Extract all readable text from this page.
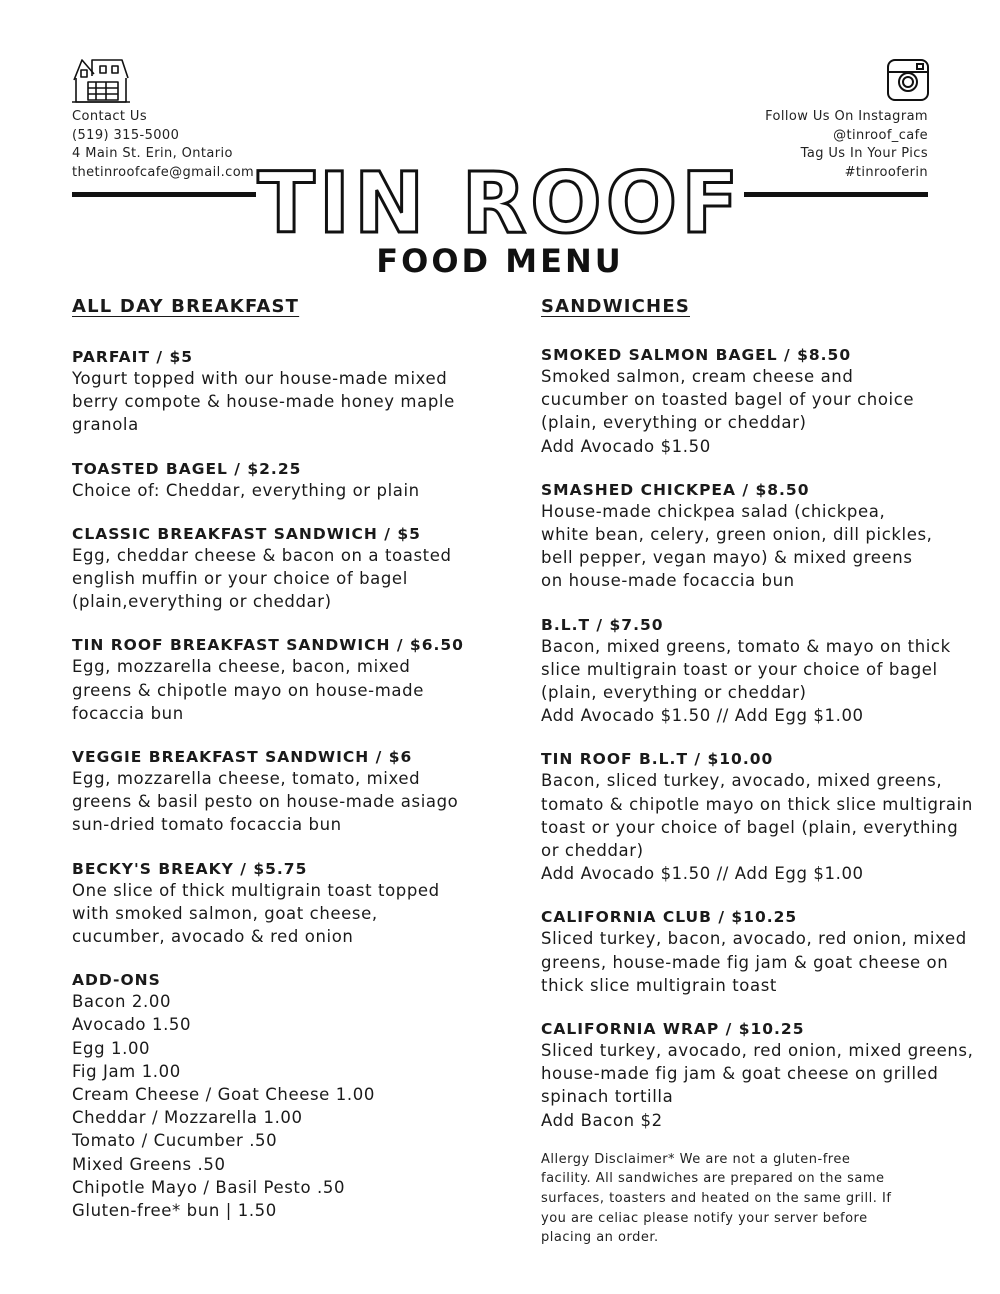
Contact Us
(519) 315-5000
4 Main St. Erin, Ontario
thetinroofcafe@gmail.com
Follow Us On Instagram
@tinroof_cafe
Tag Us In Your Pics
#tinrooferin
TIN ROOF
FOOD MENU
ALL DAY BREAKFAST
PARFAIT / $5
Yogurt topped with our house-made mixed
berry compote & house-made honey maple
granola
TOASTED BAGEL / $2.25
Choice of: Cheddar, everything or plain
CLASSIC BREAKFAST SANDWICH / $5
Egg, cheddar cheese & bacon on a toasted
english muffin or your choice of bagel
(plain,everything or cheddar)
TIN ROOF BREAKFAST SANDWICH / $6.50
Egg, mozzarella cheese, bacon, mixed
greens & chipotle mayo on house-made
focaccia bun
VEGGIE BREAKFAST SANDWICH / $6
Egg, mozzarella cheese, tomato, mixed
greens & basil pesto on house-made asiago
sun-dried tomato focaccia bun
BECKY'S BREAKY / $5.75
One slice of thick multigrain toast topped
with smoked salmon, goat cheese,
cucumber, avocado & red onion
ADD-ONS
Bacon 2.00
Avocado 1.50
Egg 1.00
Fig Jam 1.00
Cream Cheese / Goat Cheese 1.00
Cheddar / Mozzarella 1.00
Tomato / Cucumber .50
Mixed Greens .50
Chipotle Mayo / Basil Pesto .50
Gluten-free* bun | 1.50
SANDWICHES
SMOKED SALMON BAGEL / $8.50
Smoked salmon, cream cheese and
cucumber on toasted bagel of your choice
(plain, everything or cheddar)
Add Avocado $1.50
SMASHED CHICKPEA / $8.50
House-made chickpea salad (chickpea,
white bean, celery, green onion, dill pickles,
bell pepper, vegan mayo) & mixed greens
on house-made focaccia bun
B.L.T / $7.50
Bacon, mixed greens, tomato & mayo on thick
slice multigrain toast or your choice of bagel
(plain, everything or cheddar)
Add Avocado $1.50 // Add Egg $1.00
TIN ROOF B.L.T / $10.00
Bacon, sliced turkey, avocado, mixed greens,
tomato & chipotle mayo on thick slice multigrain
toast or your choice of bagel (plain, everything
or cheddar)
Add Avocado $1.50 // Add Egg $1.00
CALIFORNIA CLUB / $10.25
Sliced turkey, bacon, avocado, red onion, mixed
greens, house-made fig jam & goat cheese on
thick slice multigrain toast
CALIFORNIA WRAP / $10.25
Sliced turkey, avocado, red onion, mixed greens,
house-made fig jam & goat cheese on grilled
spinach tortilla
Add Bacon $2
Allergy Disclaimer* We are not a gluten-free
facility. All sandwiches are prepared on the same
surfaces, toasters and heated on the same grill. If
you are celiac please notify your server before
placing an order.
